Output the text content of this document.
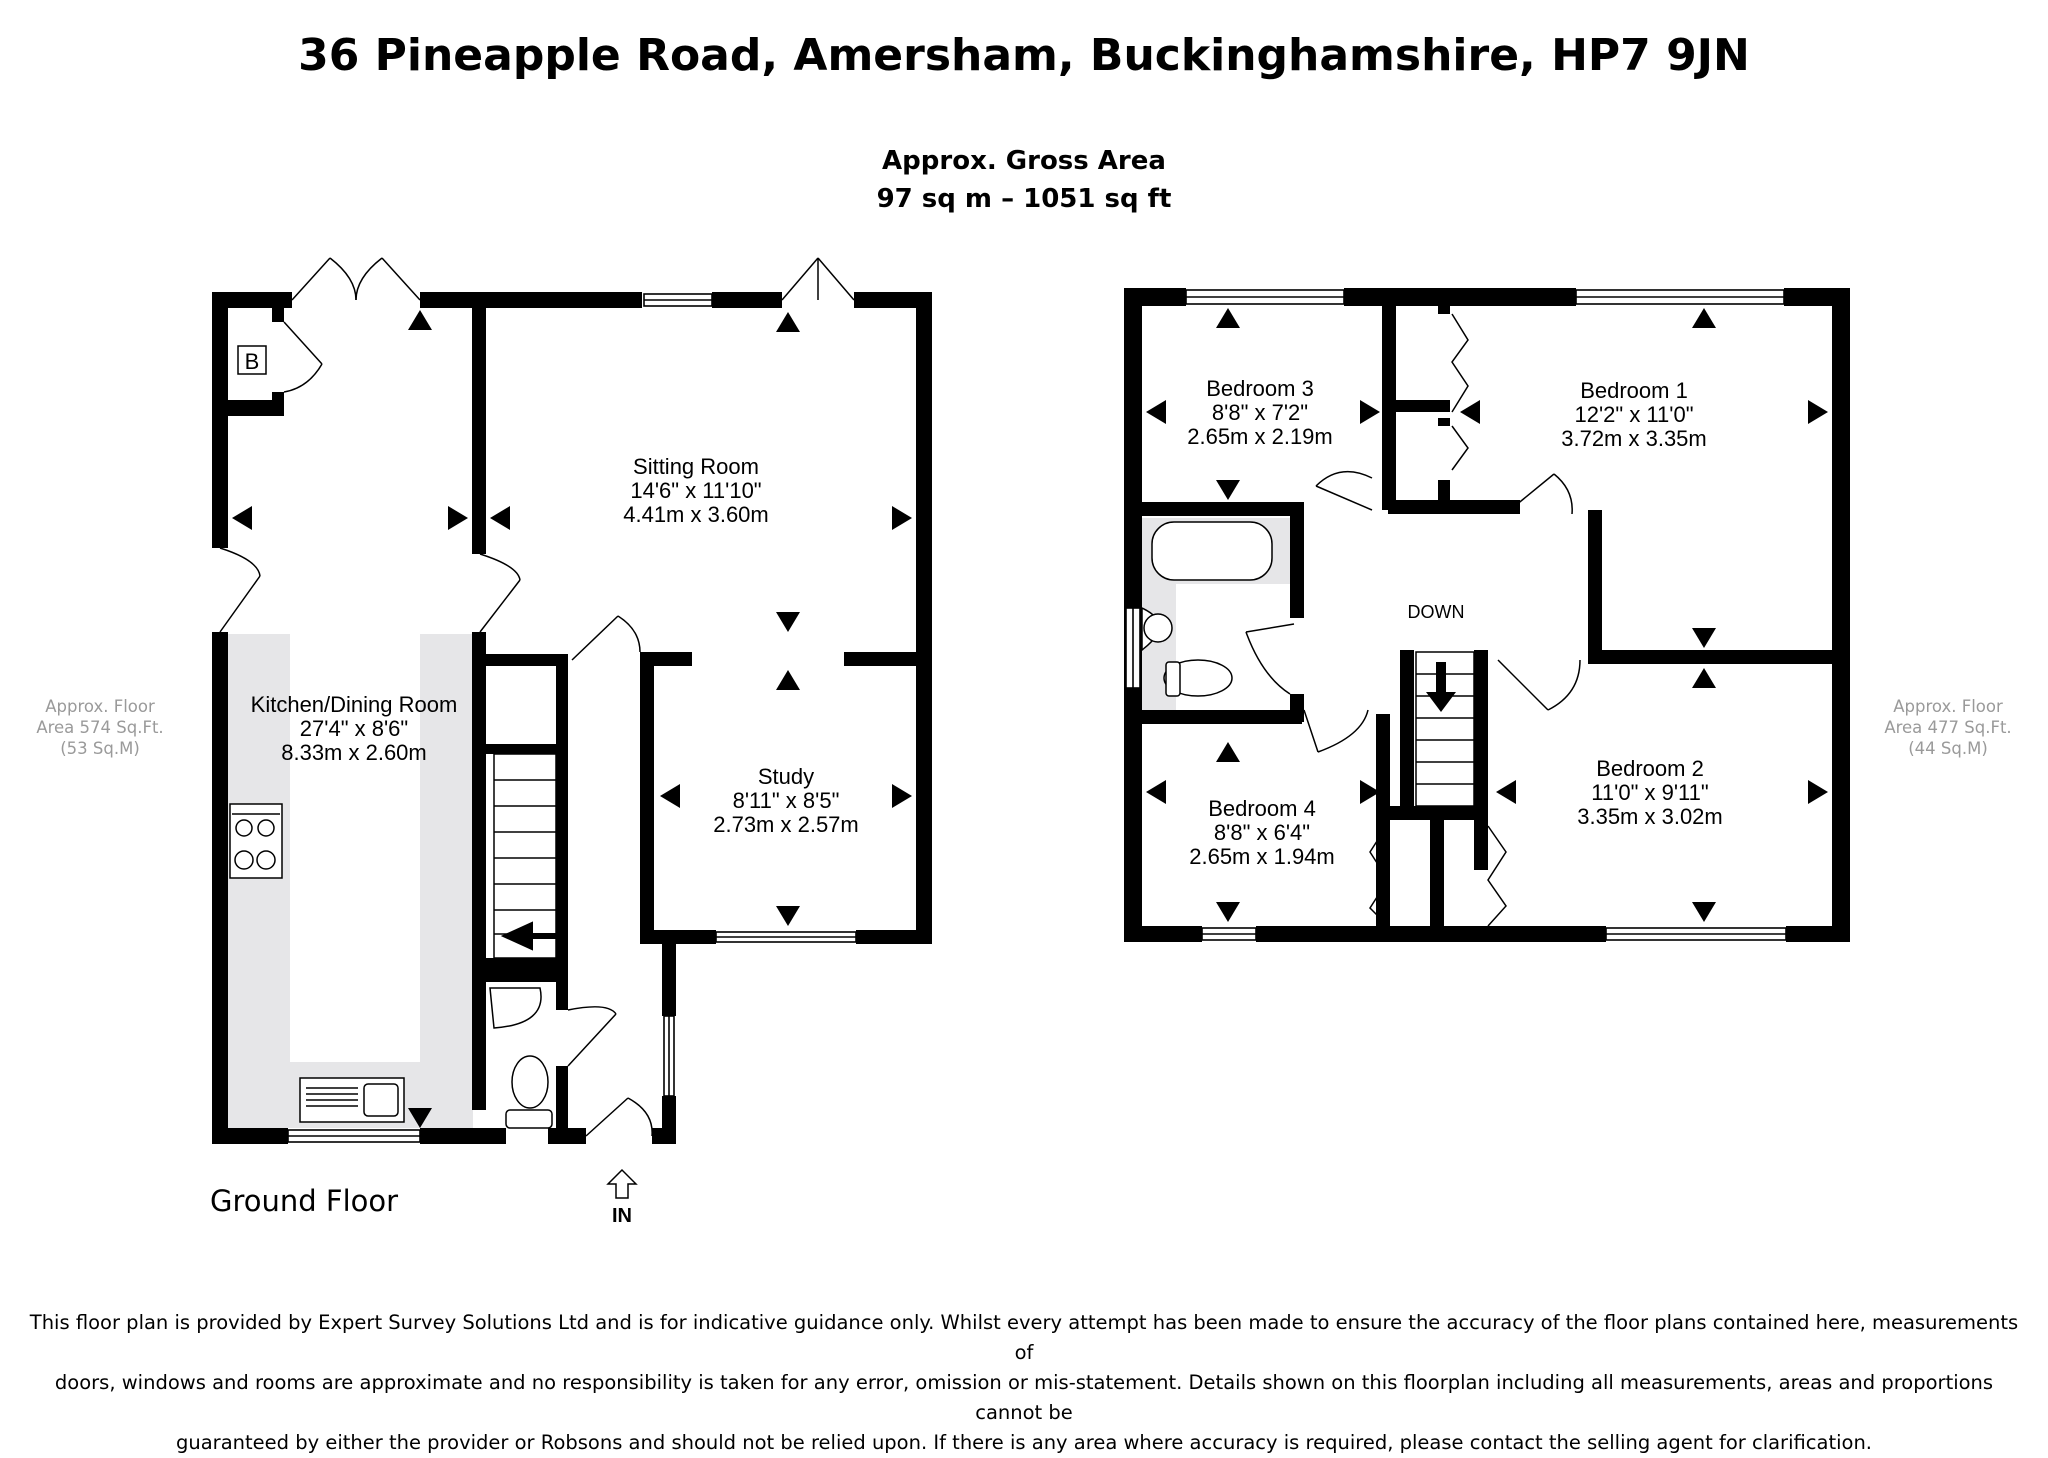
36 Pineapple Road, Amersham, Buckinghamshire, HP7 9JN
Approx. Gross Area
97 sq m – 1051 sq ft
Approx. Floor
Area 574 Sq.Ft.
(53 Sq.M)
Approx. Floor
Area 477 Sq.Ft.
(44 Sq.M)
Ground Floor
B
IN
Kitchen/Dining Room
27'4" x 8'6"
8.33m x 2.60m
Sitting Room
14'6" x 11'10"
4.41m x 3.60m
Study
8'11" x 8'5"
2.73m x 2.57m
DOWN
Bedroom 3
8'8" x 7'2"
2.65m x 2.19m
Bedroom 1
12'2" x 11'0"
3.72m x 3.35m
Bedroom 4
8'8" x 6'4"
2.65m x 1.94m
Bedroom 2
11'0" x 9'11"
3.35m x 3.02m
This floor plan is provided by Expert Survey Solutions Ltd and is for indicative guidance only. Whilst every attempt has been made to ensure the accuracy of the floor plans contained here, measurements of
doors, windows and rooms are approximate and no responsibility is taken for any error, omission or mis-statement. Details shown on this floorplan including all measurements, areas and proportions cannot be
guaranteed by either the provider or Robsons and should not be relied upon. If there is any area where accuracy is required, please contact the selling agent for clarification.
